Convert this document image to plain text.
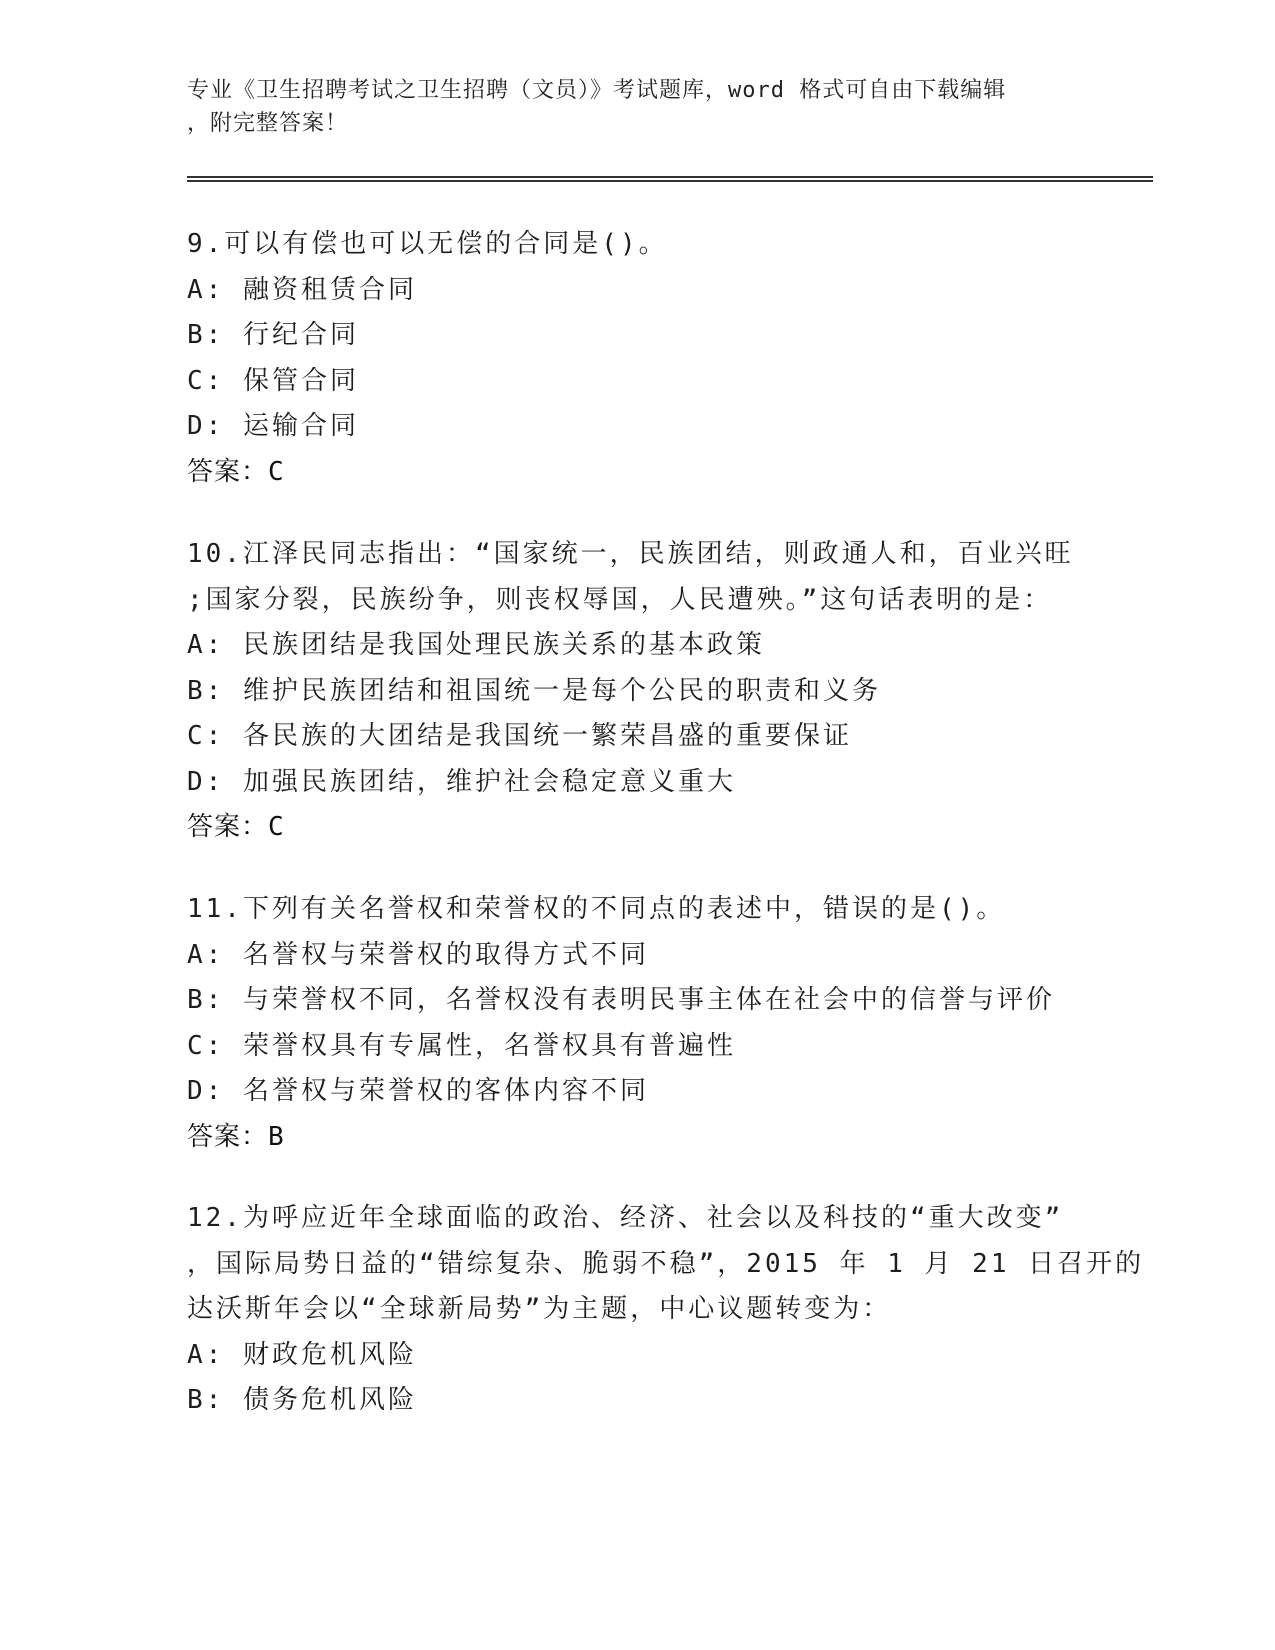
专业《卫生招聘考试之卫生招聘（文员）》考试题库，word 格式可自由下载编辑
，附完整答案！
9.可以有偿也可以无偿的合同是()。
A: 融资租赁合同
B: 行纪合同
C: 保管合同
D: 运输合同
答案：C
10.江泽民同志指出：“国家统一，民族团结，则政通人和，百业兴旺
;国家分裂，民族纷争，则丧权辱国，人民遭殃。”这句话表明的是：
A: 民族团结是我国处理民族关系的基本政策
B: 维护民族团结和祖国统一是每个公民的职责和义务
C: 各民族的大团结是我国统一繁荣昌盛的重要保证
D: 加强民族团结，维护社会稳定意义重大
答案：C
11.下列有关名誉权和荣誉权的不同点的表述中，错误的是()。
A: 名誉权与荣誉权的取得方式不同
B: 与荣誉权不同，名誉权没有表明民事主体在社会中的信誉与评价
C: 荣誉权具有专属性，名誉权具有普遍性
D: 名誉权与荣誉权的客体内容不同
答案：B
12.为呼应近年全球面临的政治、经济、社会以及科技的“重大改变”
，国际局势日益的“错综复杂、脆弱不稳”，2015 年 1 月 21 日召开的
达沃斯年会以“全球新局势”为主题，中心议题转变为：
A: 财政危机风险
B: 债务危机风险
